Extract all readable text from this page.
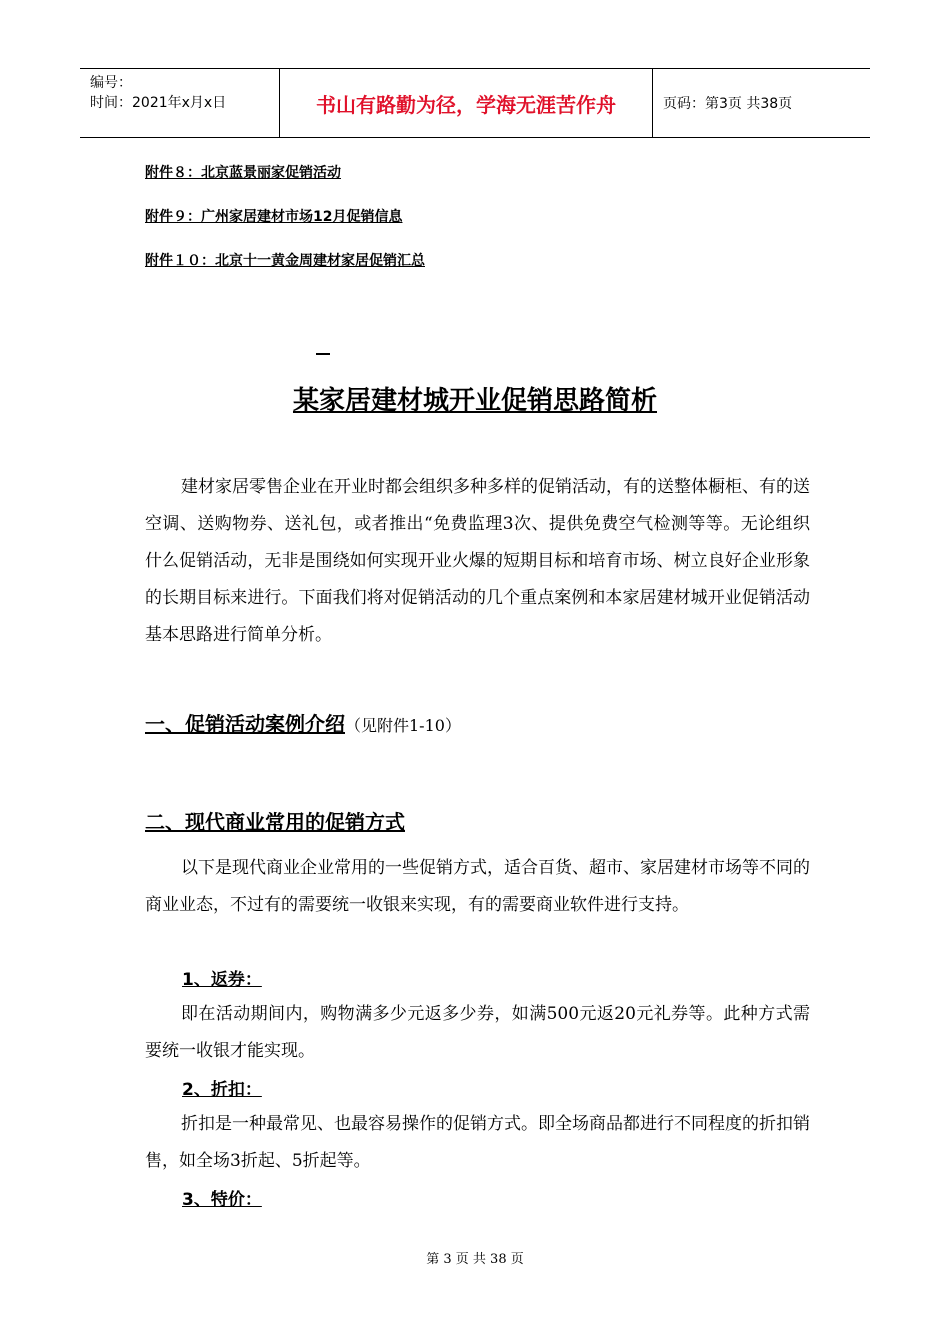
编号：
时间：2021年x月x日	书山有路勤为径，学海无涯苦作舟	页码：第3页 共38页
附件８：北京蓝景丽家促销活动
附件９：广州家居建材市场12月促销信息
附件１０：北京十一黄金周建材家居促销汇总
某家居建材城开业促销思路简析
建材家居零售企业在开业时都会组织多种多样的促销活动，有的送整体橱柜、有的送空调、送购物券、送礼包，或者推出“免费监理3次、提供免费空气检测等等。无论组织什么促销活动，无非是围绕如何实现开业火爆的短期目标和培育市场、树立良好企业形象的长期目标来进行。下面我们将对促销活动的几个重点案例和本家居建材城开业促销活动基本思路进行简单分析。
一、促销活动案例介绍（见附件1-10）
二、现代商业常用的促销方式
以下是现代商业企业常用的一些促销方式，适合百货、超市、家居建材市场等不同的商业业态，不过有的需要统一收银来实现，有的需要商业软件进行支持。
1、返券：
即在活动期间内，购物满多少元返多少券，如满500元返20元礼券等。此种方式需要统一收银才能实现。
2、折扣：
折扣是一种最常见、也最容易操作的促销方式。即全场商品都进行不同程度的折扣销售，如全场3折起、5折起等。
3、特价：
第 3 页 共 38 页
